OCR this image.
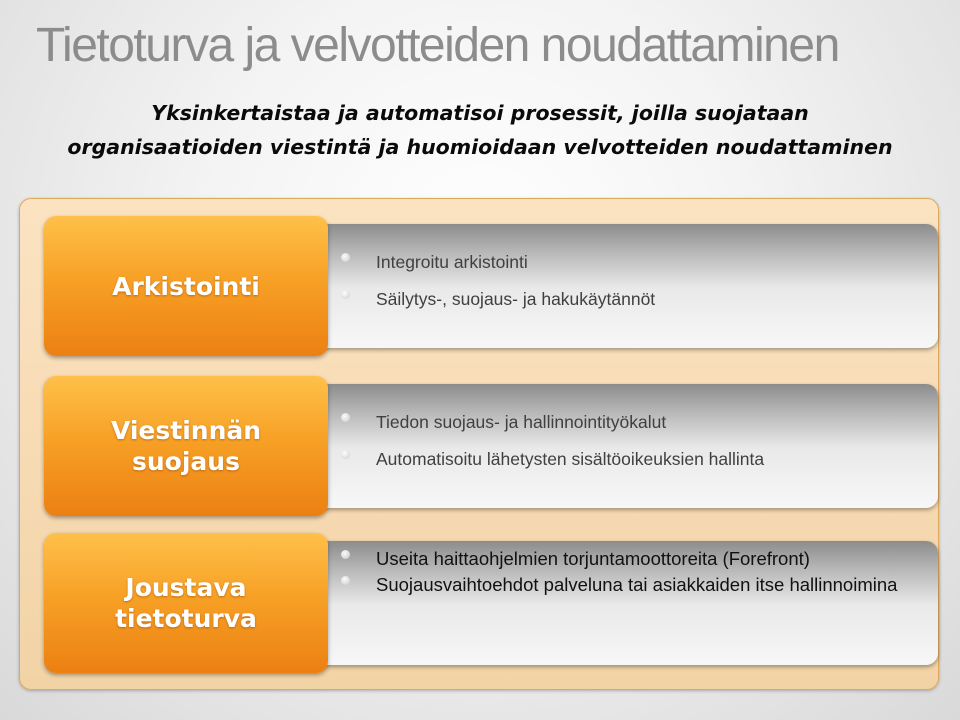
Tietoturva ja velvotteiden noudattaminen
Yksinkertaistaa ja automatisoi prosessit, joilla suojataan
organisaatioiden viestintä ja huomioidaan velvotteiden noudattaminen
Arkistointi
Integroitu arkistointi
Säilytys-, suojaus- ja hakukäytännöt
Viestinnän
suojaus
Tiedon suojaus- ja hallinnointityökalut
Automatisoitu lähetysten sisältöoikeuksien hallinta
Joustava
tietoturva
Useita haittaohjelmien torjuntamoottoreita (Forefront)
Suojausvaihtoehdot palveluna tai asiakkaiden itse hallinnoimina
